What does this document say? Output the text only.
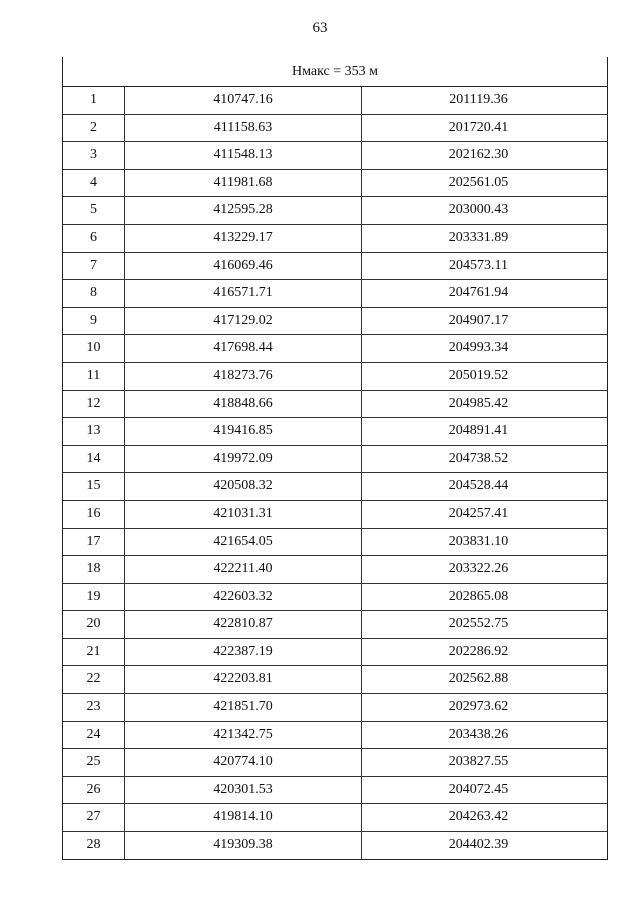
63
Нмакс = 353 м
1	410747.16	201119.36
2	411158.63	201720.41
3	411548.13	202162.30
4	411981.68	202561.05
5	412595.28	203000.43
6	413229.17	203331.89
7	416069.46	204573.11
8	416571.71	204761.94
9	417129.02	204907.17
10	417698.44	204993.34
11	418273.76	205019.52
12	418848.66	204985.42
13	419416.85	204891.41
14	419972.09	204738.52
15	420508.32	204528.44
16	421031.31	204257.41
17	421654.05	203831.10
18	422211.40	203322.26
19	422603.32	202865.08
20	422810.87	202552.75
21	422387.19	202286.92
22	422203.81	202562.88
23	421851.70	202973.62
24	421342.75	203438.26
25	420774.10	203827.55
26	420301.53	204072.45
27	419814.10	204263.42
28	419309.38	204402.39
